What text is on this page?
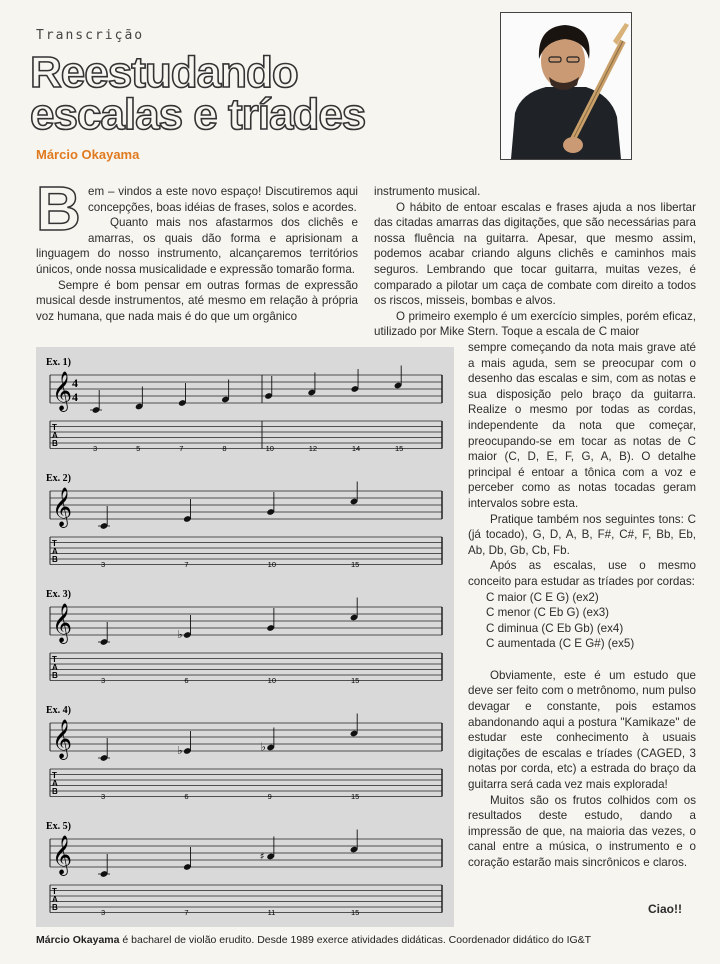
Transcrição
Reestudando
escalas e tríades
Márcio Okayama
B em – vindos a este novo espaço! Discutiremos aqui concepções, boas idéias de frases, solos e acordes.

Quanto mais nos afastarmos dos clichês e amarras, os quais dão forma e aprisionam a linguagem do nosso instrumento, alcançaremos territórios únicos, onde nossa musicalidade e expressão tomarão forma.

Sempre é bom pensar em outras formas de expressão musical desde instrumentos, até mesmo em relação à própria voz humana, que nada mais é do que um orgânico

instrumento musical.

O hábito de entoar escalas e frases ajuda a nos libertar das citadas amarras das digitações, que são necessárias para nossa fluência na guitarra. Apesar, que mesmo assim, podemos acabar criando alguns clichês e caminhos mais seguros. Lembrando que tocar guitarra, muitas vezes, é comparado a pilotar um caça de combate com direito a todos os riscos, misseis, bombas e alvos.

O primeiro exemplo é um exercício simples, porém eficaz, utilizado por Mike Stern. Toque a escala de C maior

sempre começando da nota mais grave até a mais aguda, sem se preocupar com o desenho das escalas e sim, com as notas e sua disposição pelo braço da guitarra. Realize o mesmo por todas as cordas, independente da nota que começar, preocupando-se em tocar as notas de C maior (C, D, E, F, G, A, B). O detalhe principal é entoar a tônica com a voz e perceber como as notas tocadas geram intervalos sobre esta.

Pratique também nos seguintes tons: C (já tocado), G, D, A, B, F#, C#, F, Bb, Eb, Ab, Db, Gb, Cb, Fb.

Após as escalas, use o mesmo conceito para estudar as tríades por cordas:

C maior (C E G) (ex2)

C menor (C Eb G) (ex3)

C diminua (C Eb Gb) (ex4)

C aumentada (C E G#) (ex5)

Obviamente, este é um estudo que deve ser feito com o metrônomo, num pulso devagar e constante, pois estamos abandonando aqui a postura "Kamikaze" de estudar este conhecimento à usuais digitações de escalas e tríades (CAGED, 3 notas por corda, etc) a estrada do braço da guitarra será cada vez mais explorada!

Muitos são os frutos colhidos com os resultados deste estudo, dando a impressão de que, na maioria das vezes, o canal entre a música, o instrumento e o coração estarão mais sincrônicos e claros.

Ciao!!
Ex. 1)
𝄞 4
4
T
A
B
3	5	7	8	10	12	14	15
Ex. 2)
𝄞
T
A
B
3	7	10	15
Ex. 3)
𝄞
T
A
B
3
♭
6	10	15
Ex. 4)
𝄞
T
A
B
3
♭
6
♭
9	15
Ex. 5)
𝄞
T
A
B
3	7
♯
11	15
Márcio Okayama é bacharel de violão erudito. Desde 1989 exerce atividades didáticas. Coordenador didático do IG&T
